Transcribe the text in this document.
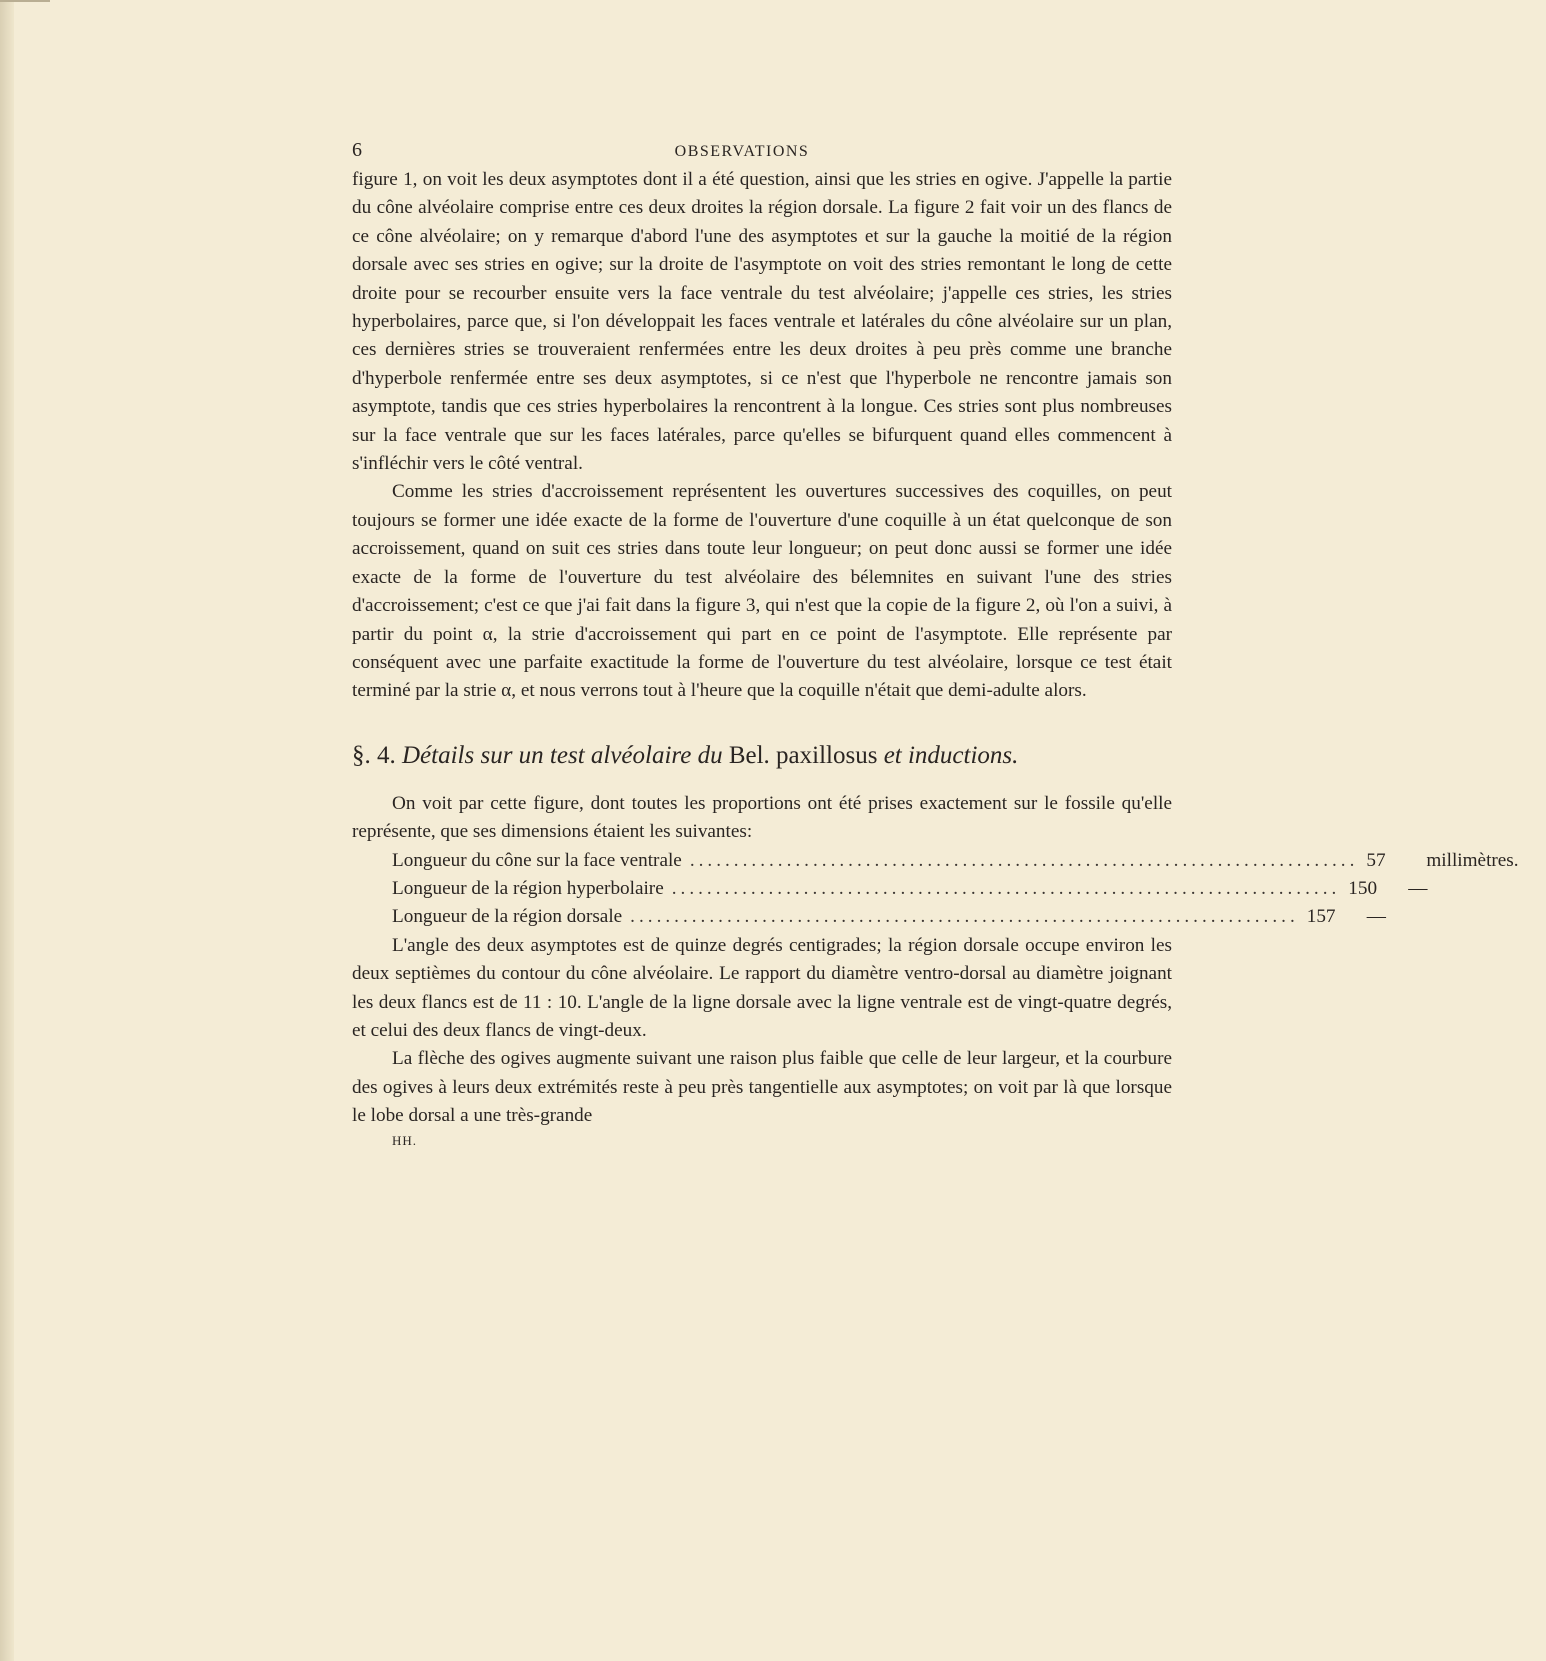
6	OBSERVATIONS

figure 1, on voit les deux asymptotes dont il a été question, ainsi que les stries en ogive. J'appelle la partie du cône alvéolaire comprise entre ces deux droites la région dorsale. La figure 2 fait voir un des flancs de ce cône alvéolaire; on y remarque d'abord l'une des asymptotes et sur la gauche la moitié de la région dorsale avec ses stries en ogive; sur la droite de l'asymptote on voit des stries remontant le long de cette droite pour se recourber ensuite vers la face ventrale du test alvéolaire; j'appelle ces stries, les stries hyperbolaires, parce que, si l'on développait les faces ventrale et latérales du cône alvéolaire sur un plan, ces dernières stries se trouveraient renfermées entre les deux droites à peu près comme une branche d'hyperbole renfermée entre ses deux asymptotes, si ce n'est que l'hyperbole ne rencontre jamais son asymptote, tandis que ces stries hyperbolaires la rencontrent à la longue. Ces stries sont plus nombreuses sur la face ventrale que sur les faces latérales, parce qu'elles se bifurquent quand elles commencent à s'infléchir vers le côté ventral.

Comme les stries d'accroissement représentent les ouvertures successives des coquilles, on peut toujours se former une idée exacte de la forme de l'ouverture d'une coquille à un état quelconque de son accroissement, quand on suit ces stries dans toute leur longueur; on peut donc aussi se former une idée exacte de la forme de l'ouverture du test alvéolaire des bélemnites en suivant l'une des stries d'accroissement; c'est ce que j'ai fait dans la figure 3, qui n'est que la copie de la figure 2, où l'on a suivi, à partir du point α, la strie d'accroissement qui part en ce point de l'asymptote. Elle représente par conséquent avec une parfaite exactitude la forme de l'ouverture du test alvéolaire, lorsque ce test était terminé par la strie α, et nous verrons tout à l'heure que la coquille n'était que demi-adulte alors.

§. 4. Détails sur un test alvéolaire du Bel. paxillosus et inductions.

On voit par cette figure, dont toutes les proportions ont été prises exactement sur le fossile qu'elle représente, que ses dimensions étaient les suivantes:

Longueur du cône sur la face ventrale ............................................................................ 57	millimètres.
Longueur de la région hyperbolaire ............................................................................ 150	—
Longueur de la région dorsale ............................................................................ 157	—

L'angle des deux asymptotes est de quinze degrés centigrades; la région dorsale occupe environ les deux septièmes du contour du cône alvéolaire. Le rapport du diamètre ventro-dorsal au diamètre joignant les deux flancs est de 11 : 10. L'angle de la ligne dorsale avec la ligne ventrale est de vingt-quatre degrés, et celui des deux flancs de vingt-deux.

La flèche des ogives augmente suivant une raison plus faible que celle de leur largeur, et la courbure des ogives à leurs deux extrémités reste à peu près tangentielle aux asymptotes; on voit par là que lorsque le lobe dorsal a une très-grande

HH.
